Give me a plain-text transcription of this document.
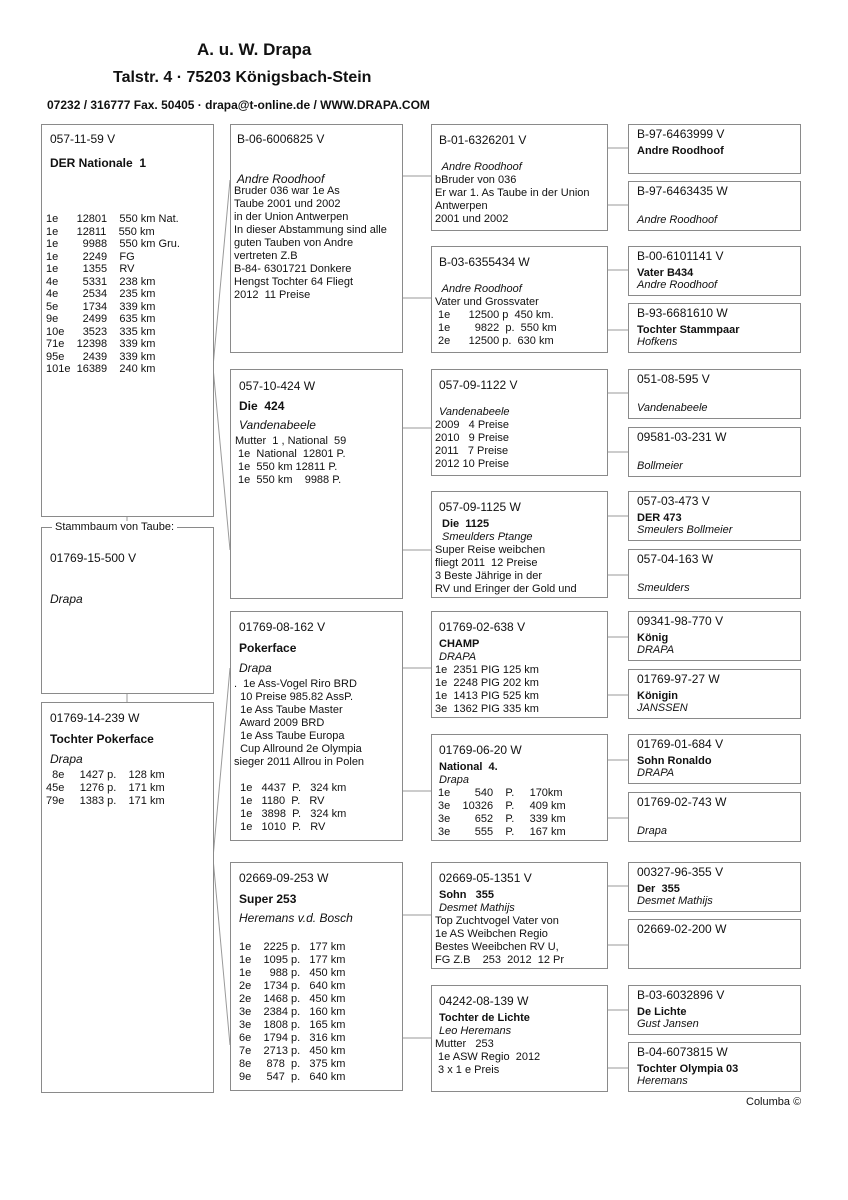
A. u. W. Drapa
Talstr. 4 · 75203 Königsbach-Stein
07232 / 316777 Fax. 50405 · drapa@t-online.de / WWW.DRAPA.COM
057-11-59 V
DER Nationale  1
1e      12801    550 km Nat.
1e      12811    550 km
1e        9988    550 km Gru.
1e        2249    FG
1e        1355    RV
4e        5331    238 km
4e        2534    235 km
5e        1734    339 km
9e        2499    635 km
10e      3523    335 km
71e    12398    339 km
95e      2439    339 km
101e  16389    240 km
01769-15-500 V
Drapa
Stammbaum von Taube:
01769-14-239 W
Tochter Pokerface
Drapa
8e     1427 p.    128 km
45e     1276 p.    171 km
79e     1383 p.    171 km
B-06-6006825 V
Andre Roodhoof
Bruder 036 war 1e As
Taube 2001 und 2002
in der Union Antwerpen
In dieser Abstammung sind alle
guten Tauben von Andre
vertreten Z.B
B-84- 6301721 Donkere
Hengst Tochter 64 Fliegt
2012  11 Preise
057-10-424 W
Die  424
Vandenabeele
Mutter  1 , National  59
1e  National  12801 P.
1e  550 km 12811 P.
1e  550 km    9988 P.
01769-08-162 V
Pokerface
Drapa
.  1e Ass-Vogel Riro BRD
10 Preise 985.82 AssP.
1e Ass Taube Master
Award 2009 BRD
1e Ass Taube Europa
Cup Allround 2e Olympia
sieger 2011 Allrou in Polen
1e   4437  P.   324 km
1e   1180  P.   RV
1e   3898  P.   324 km
1e   1010  P.   RV
02669-09-253 W
Super 253
Heremans v.d. Bosch
1e    2225 p.   177 km
1e    1095 p.   177 km
1e      988 p.   450 km
2e    1734 p.   640 km
2e    1468 p.   450 km
3e    2384 p.   160 km
3e    1808 p.   165 km
6e    1794 p.   316 km
7e    2713 p.   450 km
8e     878  p.   375 km
9e     547  p.   640 km
B-01-6326201 V
Andre Roodhoof
bBruder von 036
Er war 1. As Taube in der Union
Antwerpen
2001 und 2002
B-03-6355434 W
Andre Roodhoof
Vater und Grossvater
1e      12500 p  450 km.
1e        9822  p.  550 km
2e      12500 p.  630 km
057-09-1122 V
Vandenabeele
2009   4 Preise
2010   9 Preise
2011   7 Preise
2012 10 Preise
057-09-1125 W
Die  1125
Smeulders Ptange
Super Reise weibchen
fliegt 2011  12 Preise
3 Beste Jährige in der
RV und Eringer der Gold und
01769-02-638 V
CHAMP
DRAPA
1e  2351 PIG 125 km
1e  2248 PIG 202 km
1e  1413 PIG 525 km
3e  1362 PIG 335 km
01769-06-20 W
National  4.
Drapa
1e        540    P.     170km
3e    10326    P.     409 km
3e        652    P.     339 km
3e        555    P.     167 km
02669-05-1351 V
Sohn   355
Desmet Mathijs
Top Zuchtvogel Vater von
1e AS Weibchen Regio
Bestes Weeibchen RV U,
FG Z.B    253  2012  12 Pr
04242-08-139 W
Tochter de Lichte
Leo Heremans
Mutter   253
1e ASW Regio  2012
3 x 1 e Preis
B-97-6463999 V
Andre Roodhoof
B-97-6463435 W
Andre Roodhoof
B-00-6101141 V
Vater B434
Andre Roodhoof
B-93-6681610 W
Tochter Stammpaar
Hofkens
051-08-595 V
Vandenabeele
09581-03-231 W
Bollmeier
057-03-473 V
DER 473
Smeulers Bollmeier
057-04-163 W
Smeulders
09341-98-770 V
König
DRAPA
01769-97-27 W
Königin
JANSSEN
01769-01-684 V
Sohn Ronaldo
DRAPA
01769-02-743 W
Drapa
00327-96-355 V
Der  355
Desmet Mathijs
02669-02-200 W
B-03-6032896 V
De Lichte
Gust Jansen
B-04-6073815 W
Tochter Olympia 03
Heremans
Columba ©
